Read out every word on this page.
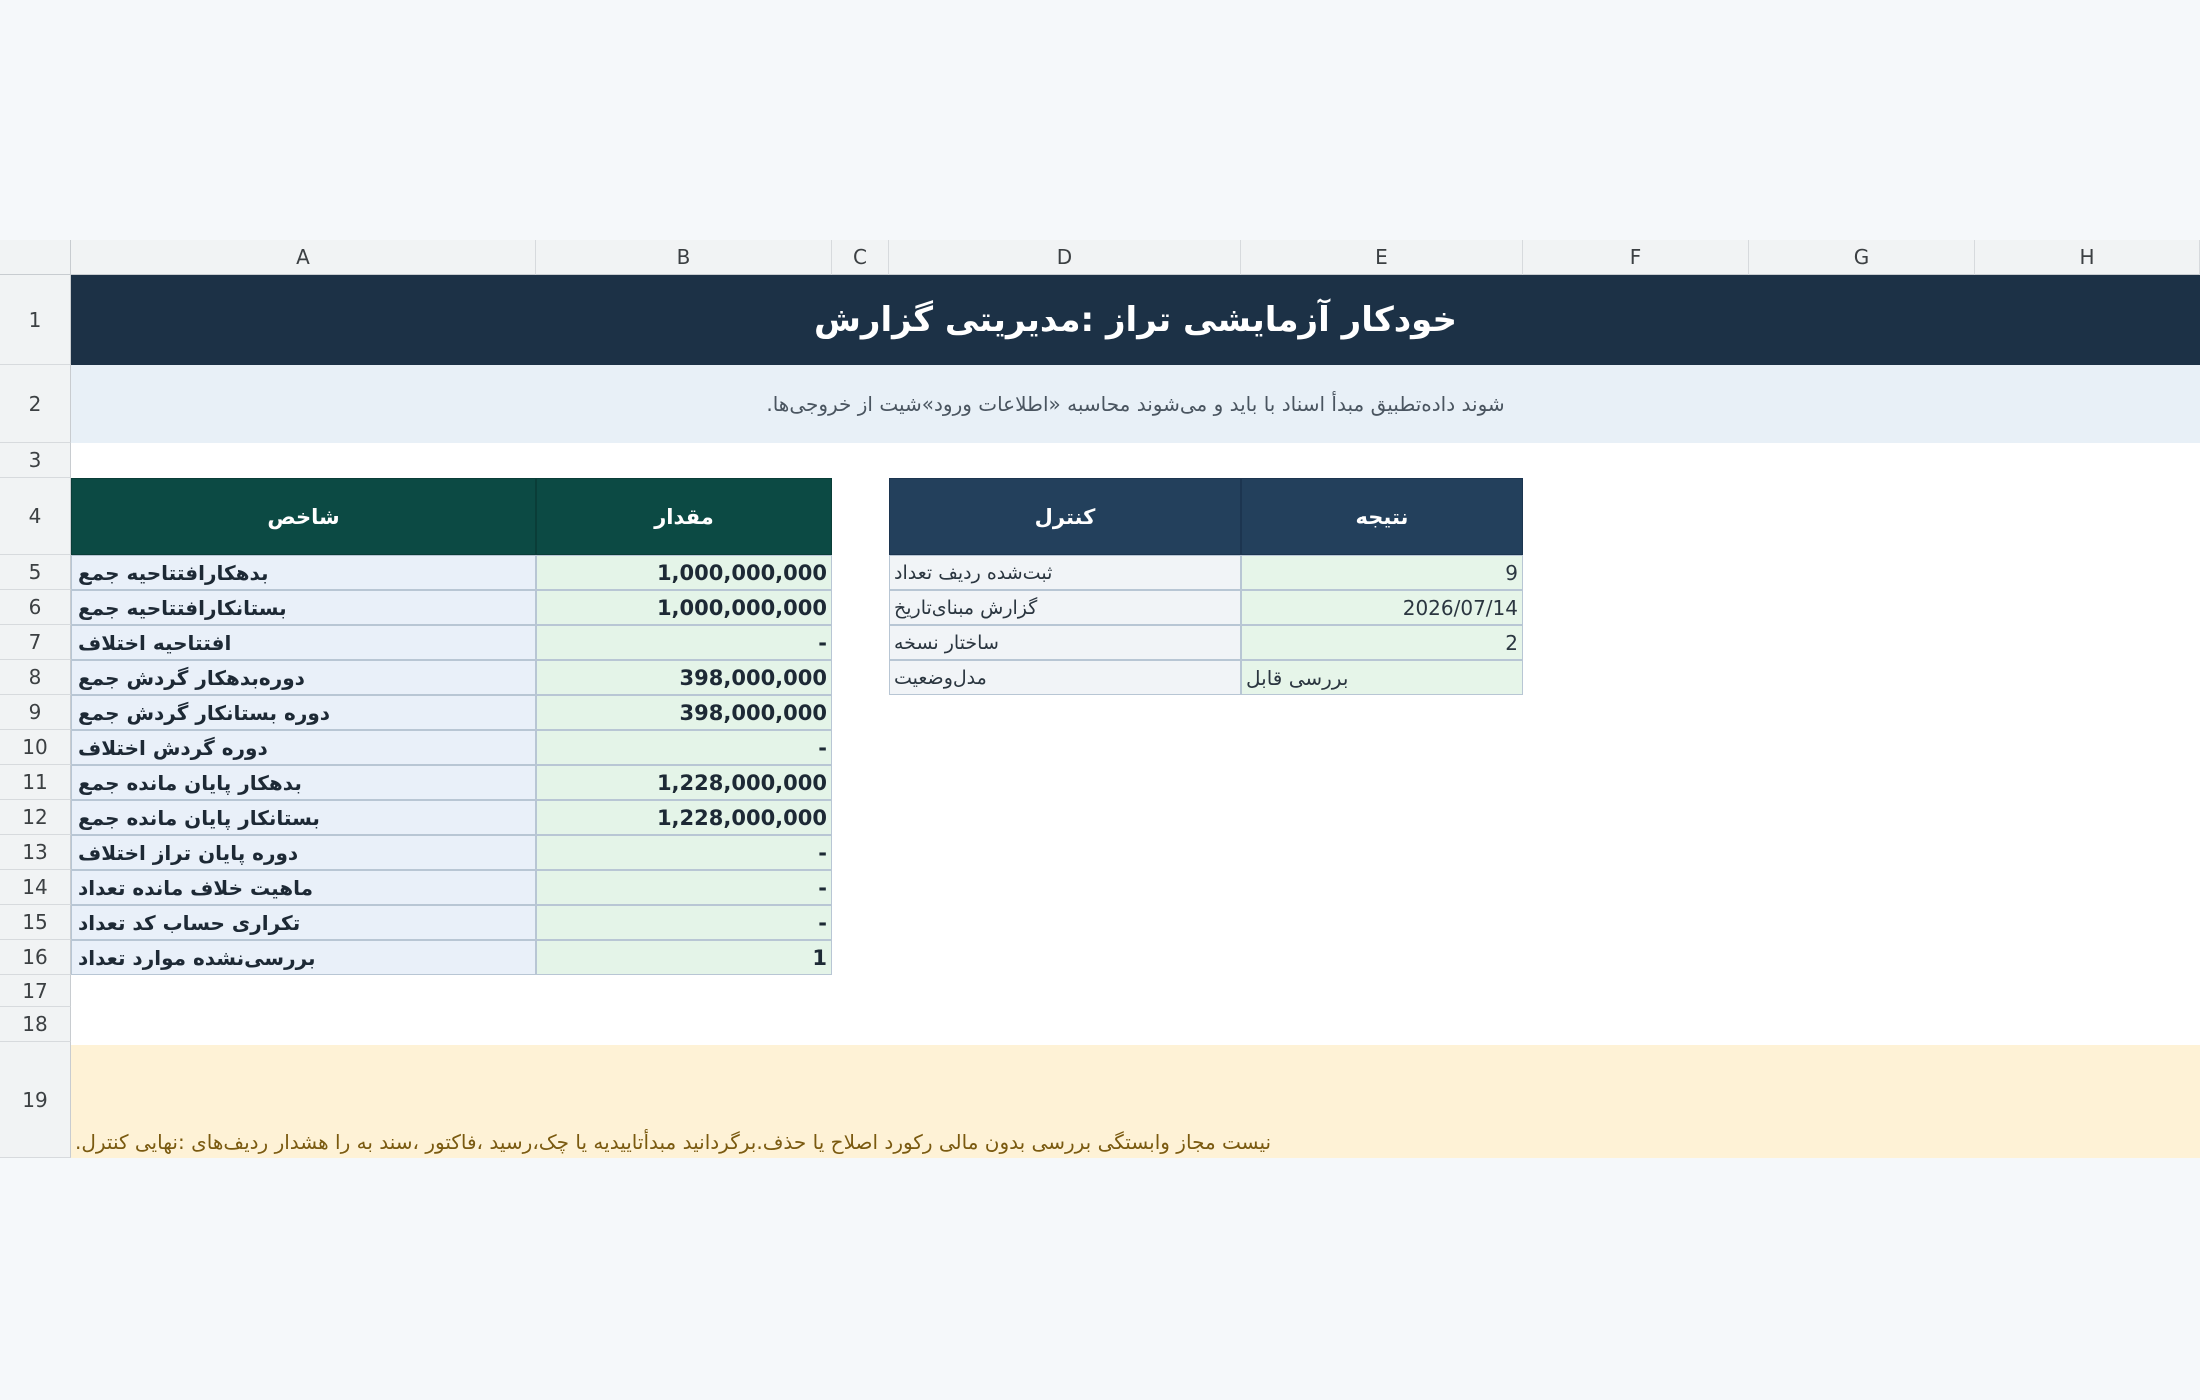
A	B	C	D	E	F	G	H
1
2
3
4
5
6
7
8
9
10
11
12
13
14
15
16
17
18
19
خودکار آزمایشی تراز :مدیریتی گزارش
.شوند داده‌تطبیق مبدأ اسناد با باید و می‌شوند محاسبه «اطلاعات ورود»شیت از خروجی‌ها
شاخص	مقدار
بدهکارافتتاحیه جمع	1,000,000,000
بستانکارافتتاحیه جمع	1,000,000,000
افتتاحیه اختلاف	-
دوره‌بدهکار گردش جمع	398,000,000
دوره بستانکار گردش جمع	398,000,000
دوره گردش اختلاف	-
بدهکار پایان مانده جمع	1,228,000,000
بستانکار پایان مانده جمع	1,228,000,000
دوره پایان تراز اختلاف	-
ماهیت خلاف مانده تعداد	-
تکراری حساب کد تعداد	-
بررسی‌نشده موارد تعداد	1
کنترل	نتیجه
ثبت‌شده ردیف تعداد	9
گزارش مبنای‌تاریخ	2026/07/14
ساختار نسخه	2
مدل‌وضعیت	بررسی قابل
.نیست مجاز وابستگی بررسی بدون مالی رکورد اصلاح یا حذف.برگردانید مبدأتاییدیه یا چک،رسید ،فاکتور ،سند به را هشدار ردیف‌های :نهایی کنترل
